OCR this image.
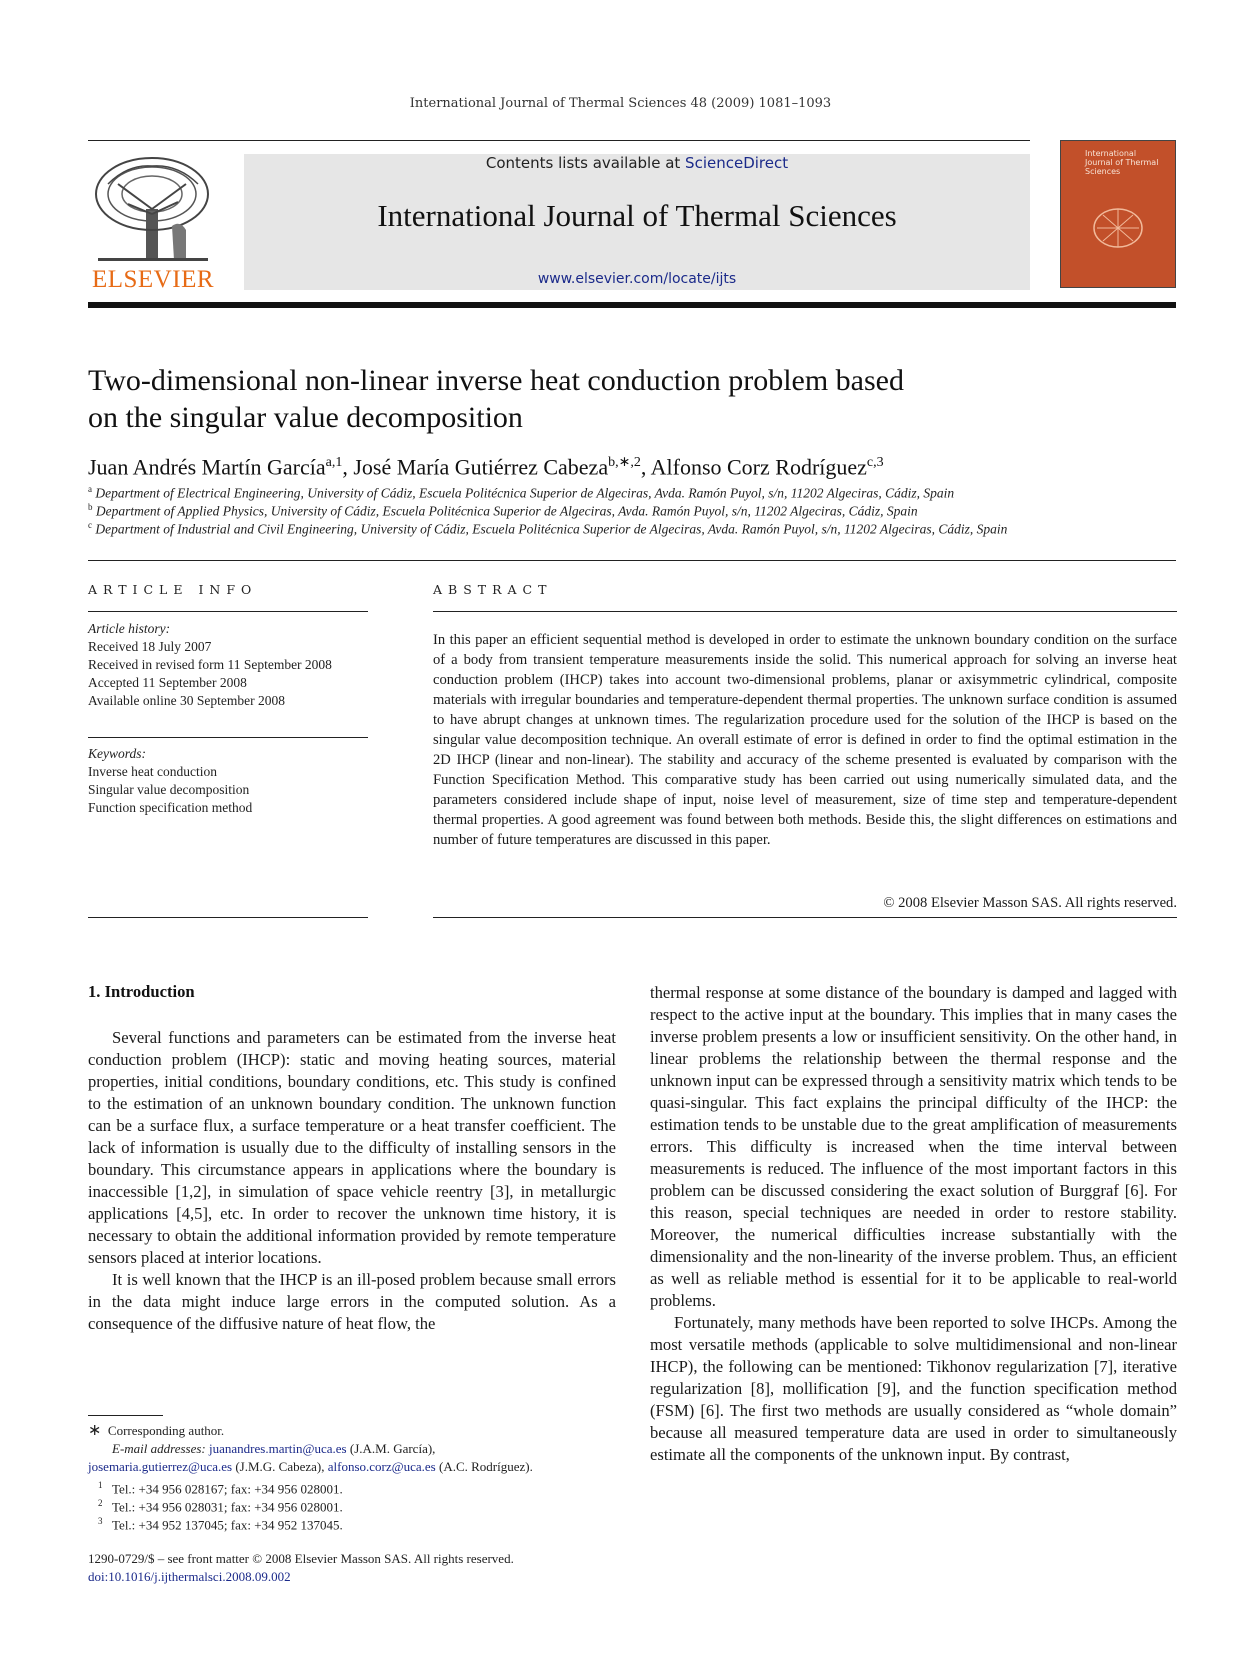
International Journal of Thermal Sciences 48 (2009) 1081–1093
ELSEVIER
Contents lists available at ScienceDirect
International Journal of Thermal Sciences
www.elsevier.com/locate/ijts
International Journal of Thermal Sciences
Two-dimensional non-linear inverse heat conduction problem based
on the singular value decomposition
Juan Andrés Martín García$^{a,1}$, José María Gutiérrez Cabeza$^{b,∗,2}$, Alfonso Corz Rodríguez$^{c,3}$
$^a$ Department of Electrical Engineering, University of Cádiz, Escuela Politécnica Superior de Algeciras, Avda. Ramón Puyol, s/n, 11202 Algeciras, Cádiz, Spain
$^b$ Department of Applied Physics, University of Cádiz, Escuela Politécnica Superior de Algeciras, Avda. Ramón Puyol, s/n, 11202 Algeciras, Cádiz, Spain
$^c$ Department of Industrial and Civil Engineering, University of Cádiz, Escuela Politécnica Superior de Algeciras, Avda. Ramón Puyol, s/n, 11202 Algeciras, Cádiz, Spain
ARTICLE INFO
Article history:
Received 18 July 2007
Received in revised form 11 September 2008
Accepted 11 September 2008
Available online 30 September 2008
Keywords:
Inverse heat conduction
Singular value decomposition
Function specification method
ABSTRACT
In this paper an efficient sequential method is developed in order to estimate the unknown boundary condition on the surface of a body from transient temperature measurements inside the solid. This numerical approach for solving an inverse heat conduction problem (IHCP) takes into account two-dimensional problems, planar or axisymmetric cylindrical, composite materials with irregular boundaries and temperature-dependent thermal properties. The unknown surface condition is assumed to have abrupt changes at unknown times. The regularization procedure used for the solution of the IHCP is based on the singular value decomposition technique. An overall estimate of error is defined in order to find the optimal estimation in the 2D IHCP (linear and non-linear). The stability and accuracy of the scheme presented is evaluated by comparison with the Function Specification Method. This comparative study has been carried out using numerically simulated data, and the parameters considered include shape of input, noise level of measurement, size of time step and temperature-dependent thermal properties. A good agreement was found between both methods. Beside this, the slight differences on estimations and number of future temperatures are discussed in this paper.
© 2008 Elsevier Masson SAS. All rights reserved.
1. Introduction

Several functions and parameters can be estimated from the inverse heat conduction problem (IHCP): static and moving heating sources, material properties, initial conditions, boundary conditions, etc. This study is confined to the estimation of an unknown boundary condition. The unknown function can be a surface flux, a surface temperature or a heat transfer coefficient. The lack of information is usually due to the difficulty of installing sensors in the boundary. This circumstance appears in applications where the boundary is inaccessible [1,2], in simulation of space vehicle reentry [3], in metallurgic applications [4,5], etc. In order to recover the unknown time history, it is necessary to obtain the additional information provided by remote temperature sensors placed at interior locations.

It is well known that the IHCP is an ill-posed problem because small errors in the data might induce large errors in the computed solution. As a consequence of the diffusive nature of heat flow, the

thermal response at some distance of the boundary is damped and lagged with respect to the active input at the boundary. This implies that in many cases the inverse problem presents a low or insufficient sensitivity. On the other hand, in linear problems the relationship between the thermal response and the unknown input can be expressed through a sensitivity matrix which tends to be quasi-singular. This fact explains the principal difficulty of the IHCP: the estimation tends to be unstable due to the great amplification of measurements errors. This difficulty is increased when the time interval between measurements is reduced. The influence of the most important factors in this problem can be discussed considering the exact solution of Burggraf [6]. For this reason, special techniques are needed in order to restore stability. Moreover, the numerical difficulties increase substantially with the dimensionality and the non-linearity of the inverse problem. Thus, an efficient as well as reliable method is essential for it to be applicable to real-world problems.

Fortunately, many methods have been reported to solve IHCPs. Among the most versatile methods (applicable to solve multidimensional and non-linear IHCP), the following can be mentioned: Tikhonov regularization [7], iterative regularization [8], mollification [9], and the function specification method (FSM) [6]. The first two methods are usually considered as “whole domain” because all measured temperature data are used in order to simultaneously estimate all the components of the unknown input. By contrast,

∗ Corresponding author.
E-mail addresses: juanandres.martin@uca.es (J.A.M. García),
josemaria.gutierrez@uca.es (J.M.G. Cabeza), alfonso.corz@uca.es (A.C. Rodríguez).
$^1$ Tel.: +34 956 028167; fax: +34 956 028001.
$^2$ Tel.: +34 956 028031; fax: +34 956 028001.
$^3$ Tel.: +34 952 137045; fax: +34 952 137045.
1290-0729/$ – see front matter © 2008 Elsevier Masson SAS. All rights reserved.
doi:10.1016/j.ijthermalsci.2008.09.002
